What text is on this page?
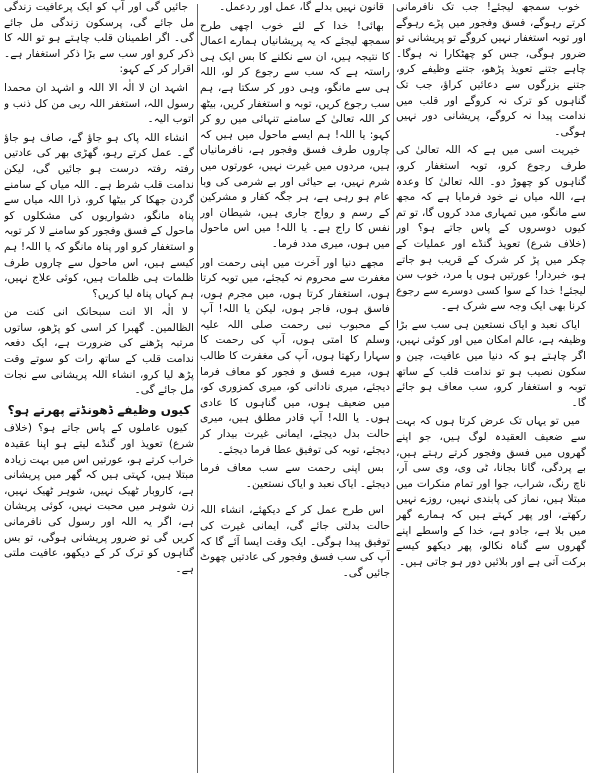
خوب سمجھ لیجئے! جب تک نافرمانی کرتے رہوگے، فسق وفجور میں پڑے رہوگے اور توبہ استغفار نہیں کروگے تو پریشانی تو ضرور ہوگی، جس کو چھٹکارا نہ ہوگا۔ چاہے جتنے تعویذ پڑھو، جتنے وظیفے کرو، جتنے بزرگوں سے دعائیں کراؤ، جب تک گناہوں کو ترک نہ کروگے اور قلب میں ندامت پیدا نہ کروگے، پریشانی دور نہیں ہوگی۔

خیریت اسی میں ہے کہ اللہ تعالیٰ کی طرف رجوع کرو، توبہ استغفار کرو، گناہوں کو چھوڑ دو۔ اللہ تعالیٰ کا وعدہ ہے، اللہ میاں نے خود فرمایا ہے کہ مجھ سے مانگو، میں تمہاری مدد کروں گا، تو تم کیوں دوسروں کے پاس جاتے ہو؟ اور (خلاف شرع) تعویذ گنڈے اور عملیات کے چکر میں پڑ کر شرک کے قریب ہو جاتے ہو، خبردار! عورتیں ہوں یا مرد، خوب سن لیجئے! خدا کے سوا کسی دوسرے سے رجوع کرنا بھی ایک وجہ سے شرک ہے۔

ایاک نعبد و ایاک نستعین ہی سب سے بڑا وظیفہ ہے، عالم امکان میں اور کوئی نہیں، اگر چاہتے ہو کہ دنیا میں عافیت، چین و سکون نصیب ہو تو ندامت قلب کے ساتھ توبہ و استغفار کرو، سب معاف ہو جائے گا۔

میں تو یہاں تک عرض کرتا ہوں کہ بہت سے ضعیف العقیدہ لوگ ہیں، جو اپنے گھروں میں فسق وفجور کرتے رہتے ہیں، بے پردگی، گانا بجانا، ٹی وی، وی سی آر، ناچ رنگ، شراب، جوا اور تمام منکرات میں مبتلا ہیں، نماز کی پابندی نہیں، روزے نہیں رکھتے، اور پھر کہتے ہیں کہ ہمارے گھر میں بلا ہے، جادو ہے، خدا کے واسطے اپنے گھروں سے گناہ نکالو، پھر دیکھو کیسے برکت آتی ہے اور بلائیں دور ہو جاتی ہیں۔

قانون نہیں بدلے گا، عمل اور ردعمل۔

بھائی! خدا کے لئے خوب اچھی طرح سمجھ لیجئے کہ یہ پریشانیاں ہمارے اعمال کا نتیجہ ہیں، ان سے نکلنے کا بس ایک ہی راستہ ہے کہ سب سے رجوع کر لو، اللہ ہی سے مانگو، وہی دور کر سکتا ہے، ہم سب رجوع کریں، توبہ و استغفار کریں، بیٹھ کر اللہ تعالیٰ کے سامنے تنہائی میں رو کر کہو: یا اللہ! ہم ایسے ماحول میں ہیں کہ چاروں طرف فسق وفجور ہے، نافرمانیاں ہیں، مردوں میں غیرت نہیں، عورتوں میں شرم نہیں، بے حیائی اور بے شرمی کی وبا عام ہو رہی ہے، ہر جگہ کفار و مشرکین کے رسم و رواج جاری ہیں، شیطان اور نفس کا راج ہے۔ یا اللہ! میں اس ماحول میں ہوں، میری مدد فرما۔

مجھے دنیا اور آخرت میں اپنی رحمت اور مغفرت سے محروم نہ کیجئے، میں توبہ کرتا ہوں، استغفار کرتا ہوں، میں مجرم ہوں، فاسق ہوں، فاجر ہوں، لیکن یا اللہ! آپ کے محبوب نبی رحمت صلی اللہ علیہ وسلم کا امتی ہوں، آپ کی رحمت کا سہارا رکھتا ہوں، آپ کی مغفرت کا طالب ہوں، میرے فسق و فجور کو معاف فرما دیجئے، میری نادانی کو، میری کمزوری کو، میں ضعیف ہوں، میں گناہوں کا عادی ہوں۔ یا اللہ! آپ قادر مطلق ہیں، میری حالت بدل دیجئے، ایمانی غیرت بیدار کر دیجئے، توبہ کی توفیق عطا فرما دیجئے۔

بس اپنی رحمت سے سب معاف فرما دیجئے۔ ایاک نعبد و ایاک نستعین۔

اس طرح عمل کر کے دیکھئے، انشاء اللہ حالت بدلتی جائے گی، ایمانی غیرت کی توفیق پیدا ہوگی۔ ایک وقت ایسا آئے گا کہ آپ کی سب فسق وفجور کی عادتیں چھوٹ جائیں گی۔

جائیں گی اور آپ کو ایک پرعافیت زندگی مل جائے گی، پرسکون زندگی مل جائے گی۔ اگر اطمینان قلب چاہتے ہو تو اللہ کا ذکر کرو اور سب سے بڑا ذکر استغفار ہے۔ اقرار کر کے کہو:

اشہد ان لا الٰہ الا اللہ و اشہد ان محمدا رسول اللہ، استغفر اللہ ربی من کل ذنب و اتوب الیہ۔

انشاء اللہ پاک ہو جاؤ گے، صاف ہو جاؤ گے۔ عمل کرتے رہو، گھڑی بھر کی عادتیں رفتہ رفتہ درست ہو جائیں گی، لیکن ندامت قلب شرط ہے۔ اللہ میاں کے سامنے گردن جھکا کر بیٹھا کرو، ذرا اللہ میاں سے پناہ مانگو، دشواریوں کی مشکلوں کو ماحول کے فسق وفجور کو سامنے لا کر توبہ و استغفار کرو اور پناہ مانگو کہ یا اللہ! ہم کیسے ہیں، اس ماحول سے چاروں طرف ظلمات ہی ظلمات ہیں، کوئی علاج نہیں، ہم کہاں پناہ لیا کریں؟

لا الٰہ الا انت سبحانک انی کنت من الظالمین۔ گھبرا کر اسی کو پڑھو، ساتوں مرتبہ پڑھنے کی ضرورت ہے، ایک دفعہ ندامت قلب کے ساتھ رات کو سوتے وقت پڑھ لیا کرو، انشاء اللہ پریشانی سے نجات مل جائے گی۔

کیوں وظیفے ڈھونڈتے پھرتے ہو؟

کیوں عاملوں کے پاس جاتے ہو؟ (خلاف شرع) تعویذ اور گنڈے لیتے ہو اپنا عقیدہ خراب کرتے ہو، عورتیں اس میں بہت زیادہ مبتلا ہیں، کہتی ہیں کہ گھر میں پریشانی ہے، کاروبار ٹھیک نہیں، شوہر ٹھیک نہیں، زن شوہر میں محبت نہیں، کوئی پریشان ہے، اگر یہ اللہ اور رسول کی نافرمانی کریں گی تو ضرور پریشانی ہوگی، تو بس گناہوں کو ترک کر کے دیکھو، عافیت ملتی ہے۔
